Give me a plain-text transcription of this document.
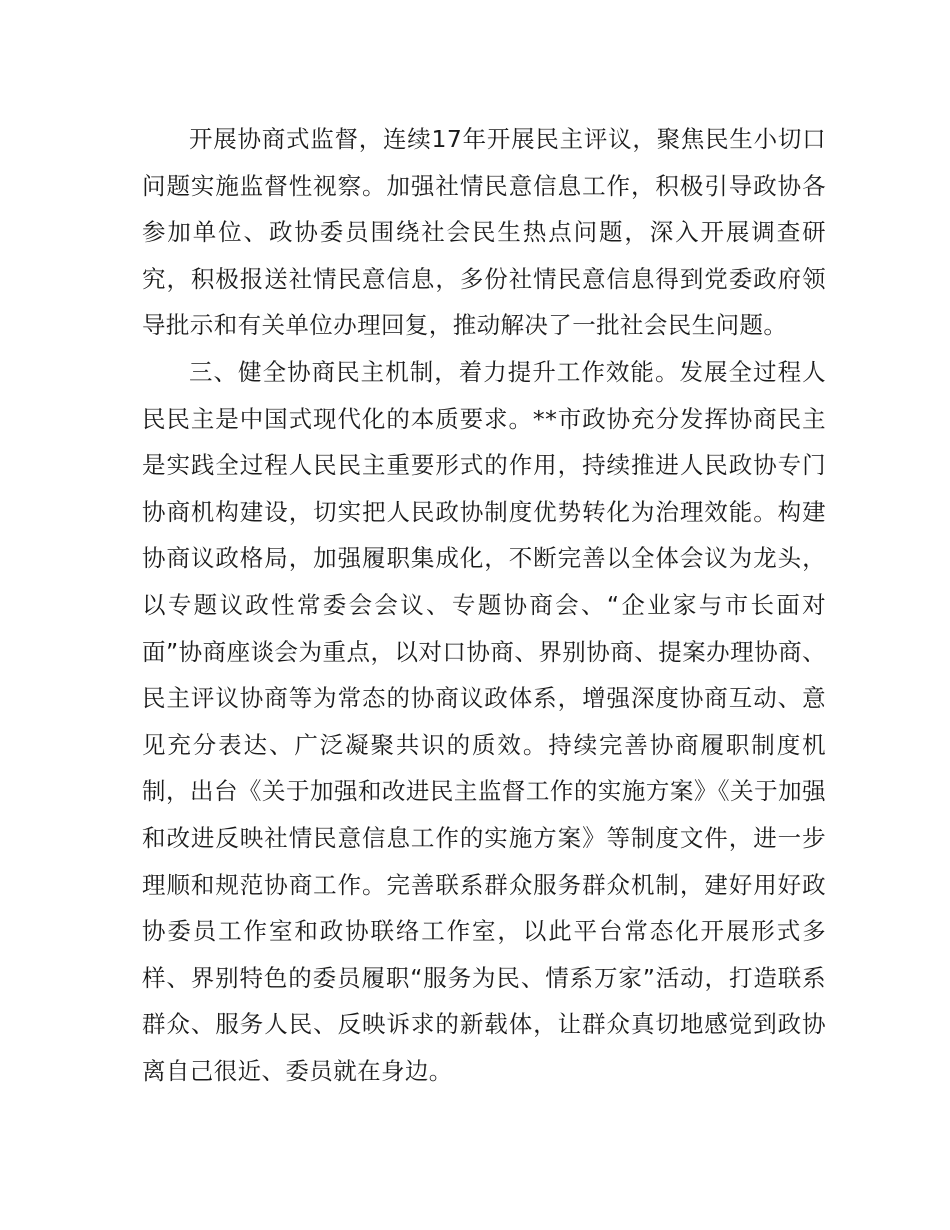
开展协商式监督，连续17年开展民主评议，聚焦民生小切口问题实施监督性视察。加强社情民意信息工作，积极引导政协各参加单位、政协委员围绕社会民生热点问题，深入开展调查研究，积极报送社情民意信息，多份社情民意信息得到党委政府领导批示和有关单位办理回复，推动解决了一批社会民生问题。

三、健全协商民主机制，着力提升工作效能。发展全过程人民民主是中国式现代化的本质要求。**市政协充分发挥协商民主是实践全过程人民民主重要形式的作用，持续推进人民政协专门协商机构建设，切实把人民政协制度优势转化为治理效能。构建协商议政格局，加强履职集成化，不断完善以全体会议为龙头，以专题议政性常委会会议、专题协商会、“企业家与市长面对面”协商座谈会为重点，以对口协商、界别协商、提案办理协商、民主评议协商等为常态的协商议政体系，增强深度协商互动、意见充分表达、广泛凝聚共识的质效。持续完善协商履职制度机制，出台《关于加强和改进民主监督工作的实施方案》《关于加强和改进反映社情民意信息工作的实施方案》等制度文件，进一步理顺和规范协商工作。完善联系群众服务群众机制，建好用好政协委员工作室和政协联络工作室，以此平台常态化开展形式多样、界别特色的委员履职“服务为民、情系万家”活动，打造联系群众、服务人民、反映诉求的新载体，让群众真切地感觉到政协离自己很近、委员就在身边。
